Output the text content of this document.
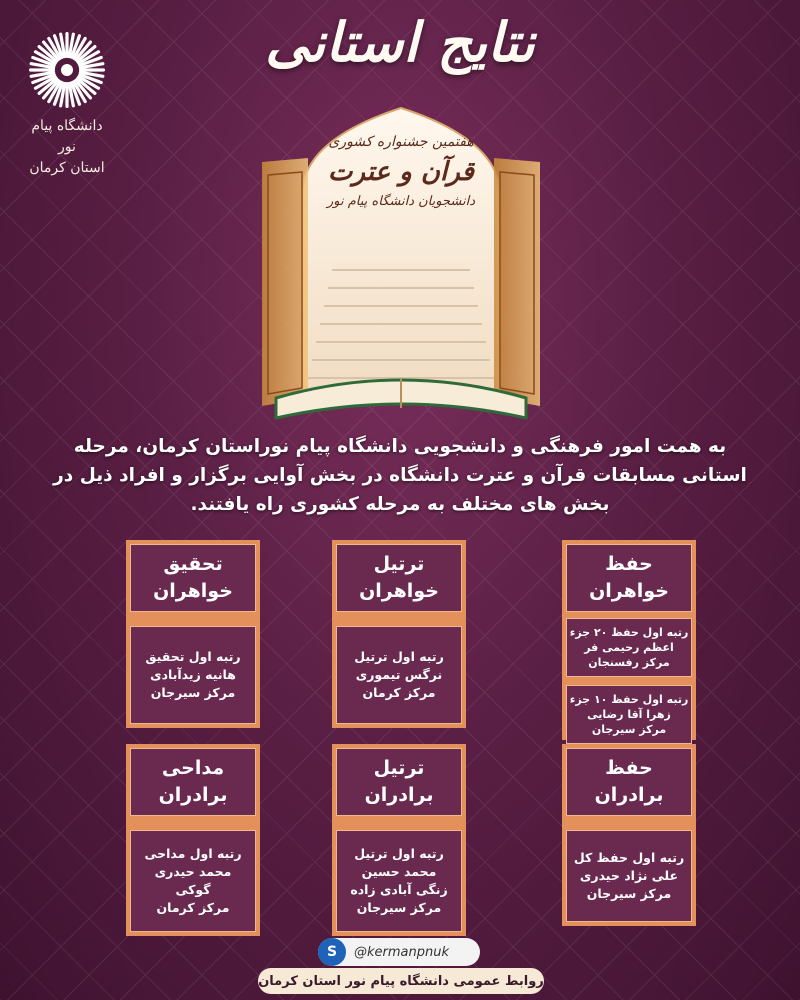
دانشگاه پیام نور
استان کرمان
نتایج استانی
هفتمین جشنواره کشوری
قرآن و عترت
دانشجویان دانشگاه پیام نور
به همت امور فرهنگی و دانشجویی دانشگاه پیام نوراستان کرمان، مرحله استانی مسابقات قرآن و عترت دانشگاه در بخش آوایی برگزار و افراد ذیل در بخش های مختلف به مرحله کشوری راه یافتند.
حفظ
خواهران
رتبه اول حفظ ۲۰ جزء
اعظم رحیمی فر
مرکز رفسنجان
رتبه اول حفظ ۱۰ جزء
زهرا آقا رضایی
مرکز سیرجان
ترتیل
خواهران
رتبه اول ترتیل
نرگس تیموری
مرکز کرمان
تحقیق
خواهران
رتبه اول تحقیق
هانیه زیدآبادی
مرکز سیرجان
حفظ
برادران
رتبه اول حفظ کل
علی نژاد حیدری
مرکز سیرجان
ترتیل
برادران
رتبه اول ترتیل
محمد حسین
زنگی آبادی زاده
مرکز سیرجان
مداحی
برادران
رتبه اول مداحی
محمد حیدری
گوکی
مرکز کرمان
S	@kermanpnuk
روابط عمومی دانشگاه پیام نور استان کرمان
